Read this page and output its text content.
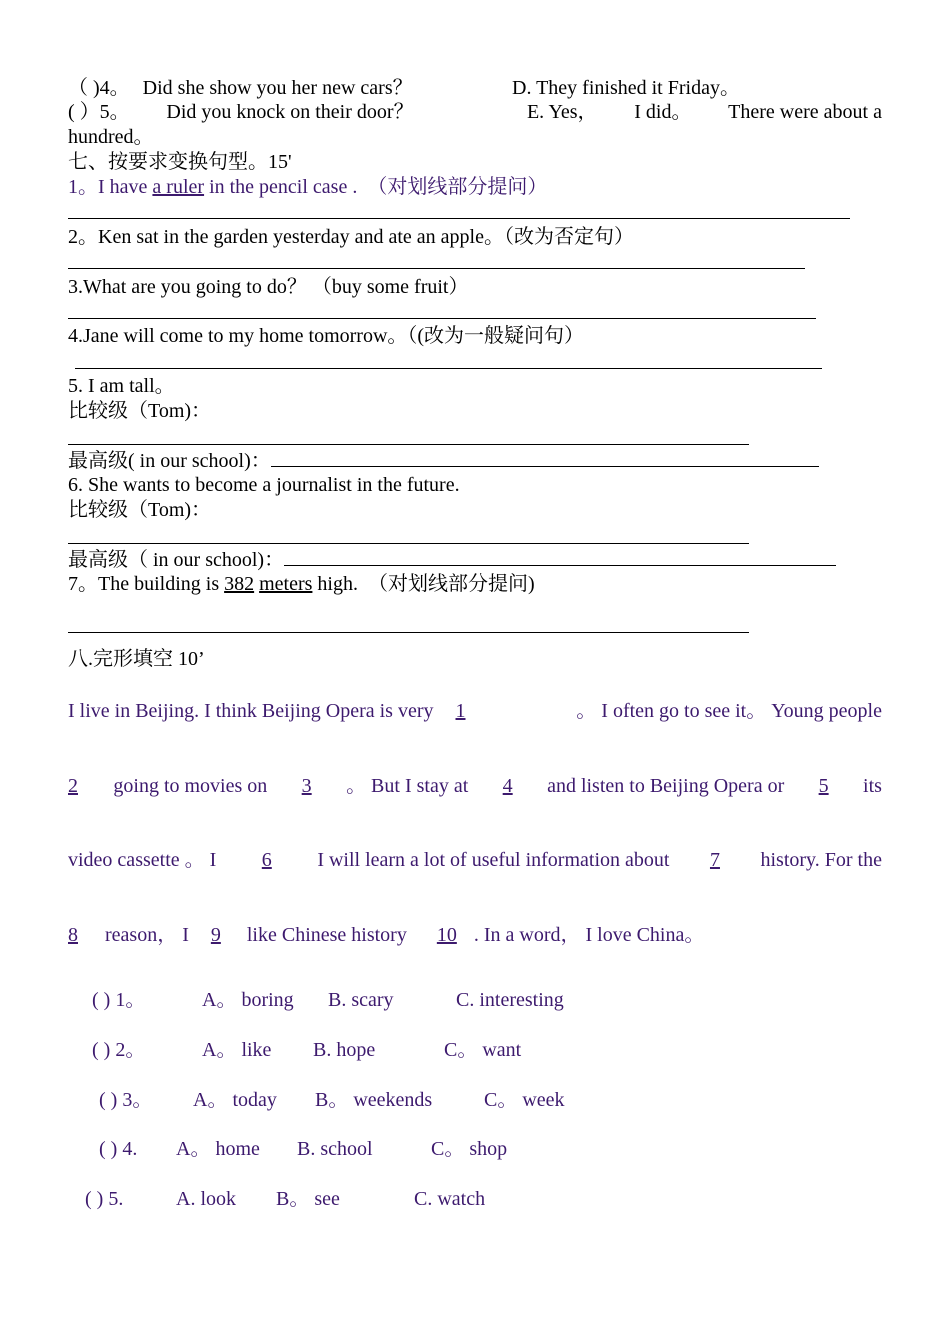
（ )4。 Did she show you her new cars？	D. They finished it Friday。
( ）5。 Did you knock on their door？	E. Yes， I did。 There were about a
hundred。
七、按要求变换句型。15'
1。I have a ruler in the pencil case . （对划线部分提问）
2。Ken sat in the garden yesterday and ate an apple。（改为否定句）
3.What are you going to do？ （buy some fruit）
4.Jane will come to my home tomorrow。（(改为一般疑问句）
5. I am tall。
比较级（Tom)：
最高级( in our school)：
6. She wants to become a journalist in the future.
比较级（Tom)：
最高级（ in our school)：
7。The building is 382 meters high. （对划线部分提问)
八.完形填空 10’
I live in Beijing. I think Beijing Opera is very 1	。 I often go to see it。 Young people
2	going to movies on	3	。 But I stay at	4	and listen to Beijing Opera or	5	its
video cassette 。 I	6	I will learn a lot of useful information about	7	history. For the
8 reason， I 9 like Chinese history 10 . In a word， I love China。
( ) 1。	A。 boring B. scary	C. interesting
( ) 2。	A。 like B. hope	C。 want
( ) 3。 A。 today B。 weekends	C。 week
( ) 4. A。 home B. school	C。 shop
( ) 5.	A. look B。 see	C. watch
